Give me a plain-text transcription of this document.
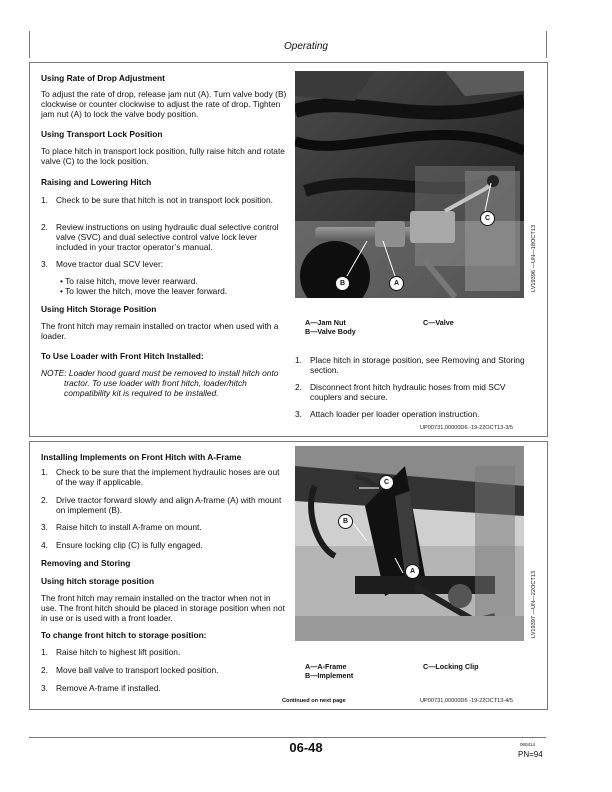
Operating
Using Rate of Drop Adjustment
To adjust the rate of drop, release jam nut (A). Turn valve body (B) clockwise or counter clockwise to adjust the rate of drop. Tighten jam nut (A) to lock the valve body position.
Using Transport Lock Position
To place hitch in transport lock position, fully raise hitch and rotate valve (C) to the lock position.
Raising and Lowering Hitch
1. Check to be sure that hitch is not in transport lock position.
2. Review instructions on using hydraulic dual selective control valve (SVC) and dual selective control valve lock lever included in your tractor operator’s manual.
3. Move tractor dual SCV lever:
• To raise hitch, move lever rearward.
• To lower the hitch, move the leaver forward.
Using Hitch Storage Position
The front hitch may remain installed on tractor when used with a loader.
To Use Loader with Front Hitch Installed:
NOTE: Loader hood guard must be removed to install hitch onto tractor. To use loader with front hitch, loader/hitch compatibility kit is required to be installed.
B	A
C
LV19396 —UN—18OCT13
A—Jam Nut
B—Valve Body
C—Valve
1. Place hitch in storage position, see Removing and Storing section.
2. Disconnect front hitch hydraulic hoses from mid SCV couplers and secure.
3. Attach loader per loader operation instruction.
UP00731,00000D6 -19-22OCT13-3/5
Installing Implements on Front Hitch with A-Frame
1. Check to be sure that the implement hydraulic hoses are out of the way if applicable.
2. Drive tractor forward slowly and align A-frame (A) with mount on implement (B).
3. Raise hitch to install A-frame on mount.
4. Ensure locking clip (C) is fully engaged.
Removing and Storing
Using hitch storage position
The front hitch may remain installed on the tractor when not in use. The front hitch should be placed in storage position when not in use or is used with a front loader.
To change front hitch to storage position:
1. Raise hitch to highest lift position.
2. Move ball valve to transport locked position.
3. Remove A-frame if installed.
C
B
A	LV19397 —UN—22OCT13
A—A-Frame
B—Implement
C—Locking Clip
Continued on next page	UP00731,00000D6 -19-22OCT13-4/5
06-48	060414
PN=94
